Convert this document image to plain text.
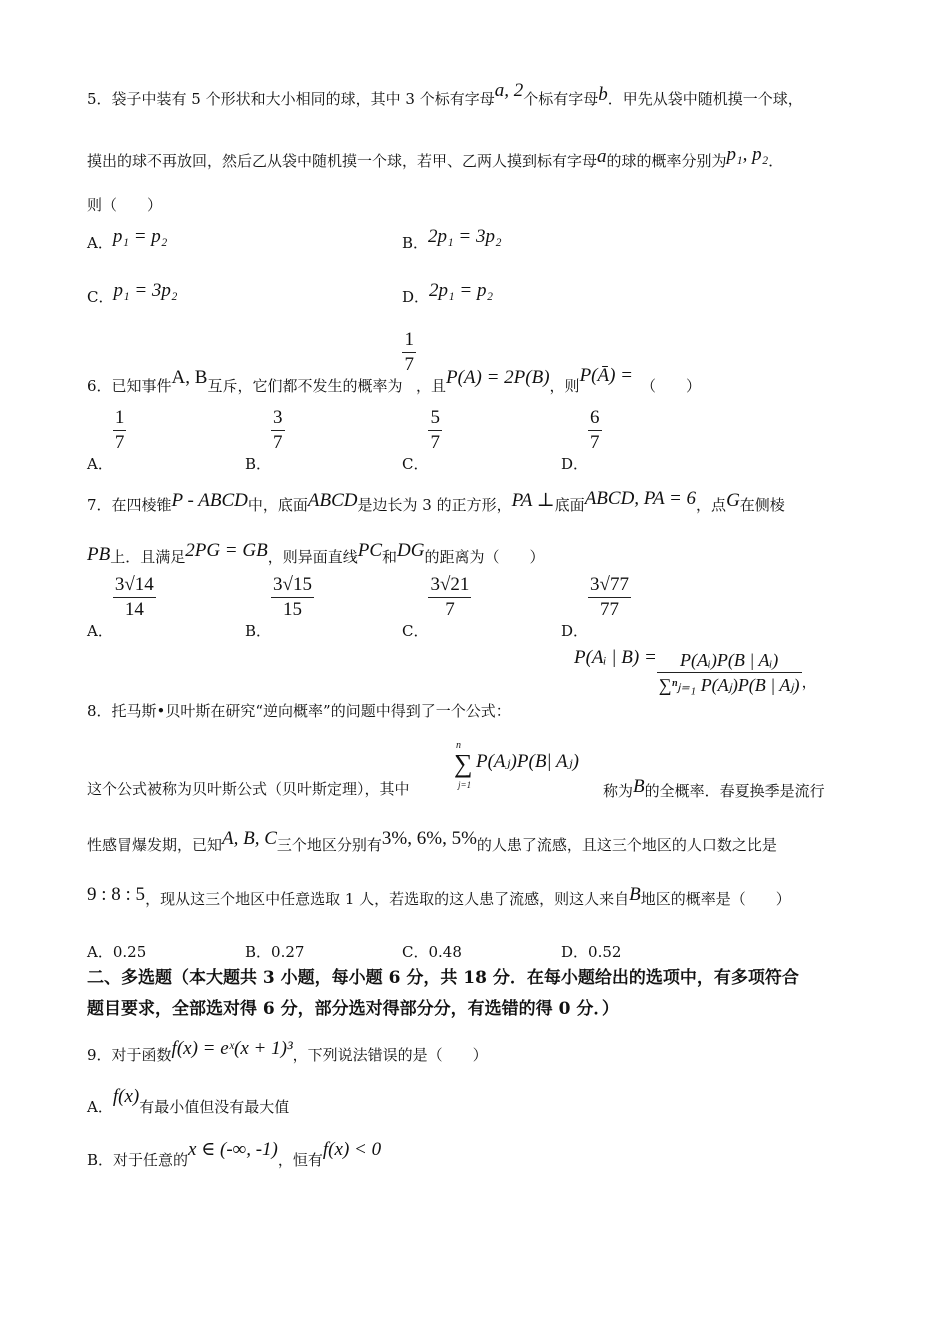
5．袋子中装有 5 个形状和大小相同的球，其中 3 个标有字母a, 2个标有字母b．甲先从袋中随机摸一个球，
摸出的球不再放回，然后乙从袋中随机摸一个球，若甲、乙两人摸到标有字母a的球的概率分别为p₁, p₂．
则（　　）
A．p₁ = p₂	B．2p₁ = 3p₂
C．p₁ = 3p₂	D．2p₁ = p₂
6．已知事件A, B互斥，它们都不发生的概率为
$\frac{1}{7}$
，且P(A) = 2P(B)，则P(Ā) = （　　）
A．
$\frac{1}{7}$
B．
$\frac{3}{7}$
C．
$\frac{5}{7}$
D．
$\frac{6}{7}$
7．在四棱锥P - ABCD中，底面ABCD是边长为 3 的正方形，PA ⊥底面ABCD, PA = 6，点G在侧棱
PB上．且满足2PG = GB，则异面直线PC和DG的距离为（　　）
A．
$\frac{3√14}{14}$
B．
$\frac{3√15}{15}$
C．
$\frac{3√21}{7}$
D．
$\frac{3√77}{77}$
8．托马斯•贝叶斯在研究“逆向概率”的问题中得到了一个公式：
P(Aᵢ | $B) = \frac{\text{P(Aᵢ)P(B | Aᵢ)}}{\text{∑ⁿⱼ₌₁ P(Aⱼ)P(B | Aⱼ)}}$ ，
n
∑
j=1
P(Aⱼ)P(B| Aⱼ)
这个公式被称为贝叶斯公式（贝叶斯定理），其中	称为B的全概率．春夏换季是流行
性感冒爆发期，已知A, B, C三个地区分别有3%, 6%, 5%的人患了流感，且这三个地区的人口数之比是
9 : 8 : 5，现从这三个地区中任意选取 1 人，若选取的这人患了流感，则这人来自B地区的概率是（　　）
A．0.25	B．0.27	C．0.48	D．0.52
二、多选题（本大题共 3 小题，每小题 6 分，共 18 分．在每小题给出的选项中，有多项符合
题目要求，全部选对得 6 分，部分选对得部分分，有选错的得 0 分．）
9．对于函数f(x) = eˣ(x + 1)³，下列说法错误的是（　　）
A．f(x)有最小值但没有最大值
B．对于任意的x ∈ (-∞, -1)，恒有f(x) < 0
